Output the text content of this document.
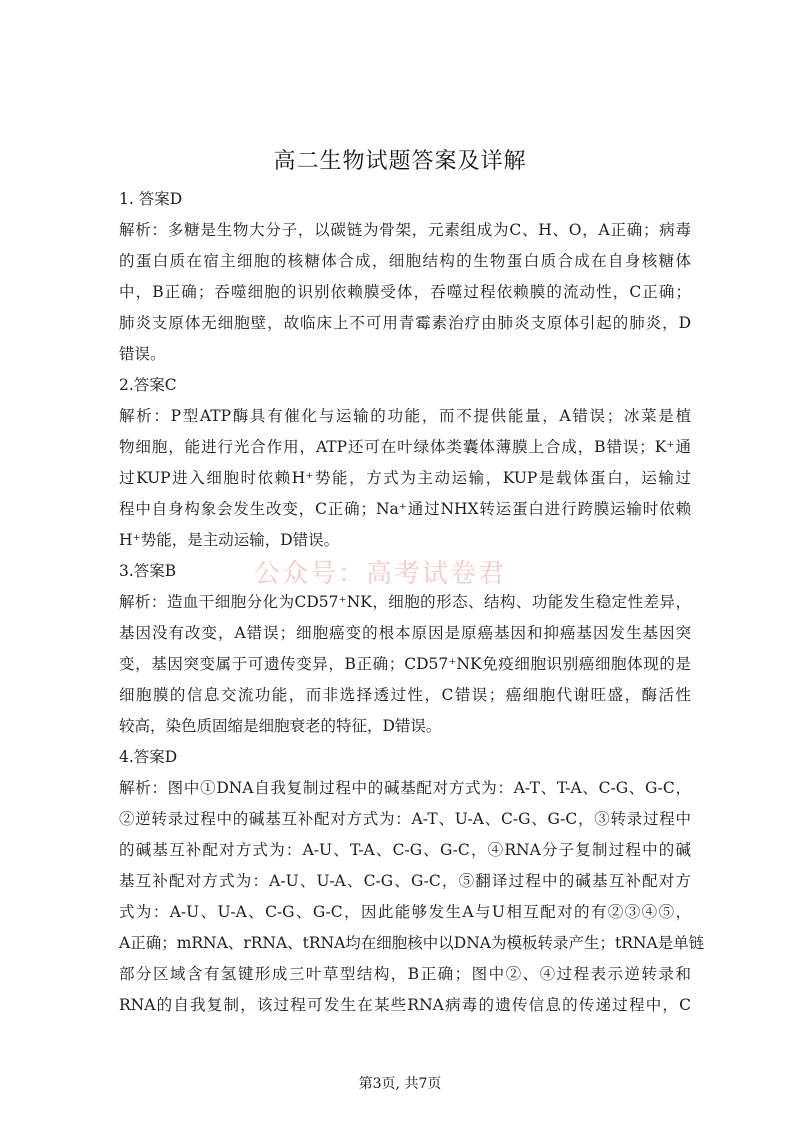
高二生物试题答案及详解

1. 答案D

解析：多糖是生物大分子，以碳链为骨架，元素组成为C、H、O，A正确；病毒

的蛋白质在宿主细胞的核糖体合成，细胞结构的生物蛋白质合成在自身核糖体

中，B正确；吞噬细胞的识别依赖膜受体，吞噬过程依赖膜的流动性，C正确；

肺炎支原体无细胞壁，故临床上不可用青霉素治疗由肺炎支原体引起的肺炎，D

错误。

2.答案C

解析：P型ATP酶具有催化与运输的功能，而不提供能量，A错误；冰菜是植

物细胞，能进行光合作用，ATP还可在叶绿体类囊体薄膜上合成，B错误；K⁺通

过KUP进入细胞时依赖H⁺势能，方式为主动运输，KUP是载体蛋白，运输过

程中自身构象会发生改变，C正确；Na⁺通过NHX转运蛋白进行跨膜运输时依赖

H⁺势能，是主动运输，D错误。

3.答案B

解析：造血干细胞分化为CD57⁺NK，细胞的形态、结构、功能发生稳定性差异，

基因没有改变，A错误；细胞癌变的根本原因是原癌基因和抑癌基因发生基因突

变，基因突变属于可遗传变异，B正确；CD57⁺NK免疫细胞识别癌细胞体现的是

细胞膜的信息交流功能，而非选择透过性，C错误；癌细胞代谢旺盛，酶活性

较高，染色质固缩是细胞衰老的特征，D错误。

4.答案D

解析：图中①DNA自我复制过程中的碱基配对方式为：A-T、T-A、C-G、G-C，

②逆转录过程中的碱基互补配对方式为：A-T、U-A、C-G、G-C，③转录过程中

的碱基互补配对方式为：A-U、T-A、C-G、G-C，④RNA分子复制过程中的碱

基互补配对方式为：A-U、U-A、C-G、G-C，⑤翻译过程中的碱基互补配对方

式为：A-U、U-A、C-G、G-C，因此能够发生A与U相互配对的有②③④⑤，

A正确；mRNA、rRNA、tRNA均在细胞核中以DNA为模板转录产生；tRNA是单链

部分区域含有氢键形成三叶草型结构，B正确；图中②、④过程表示逆转录和

RNA的自我复制，该过程可发生在某些RNA病毒的遗传信息的传递过程中，C

公众号：高考试卷君
第3页, 共7页
